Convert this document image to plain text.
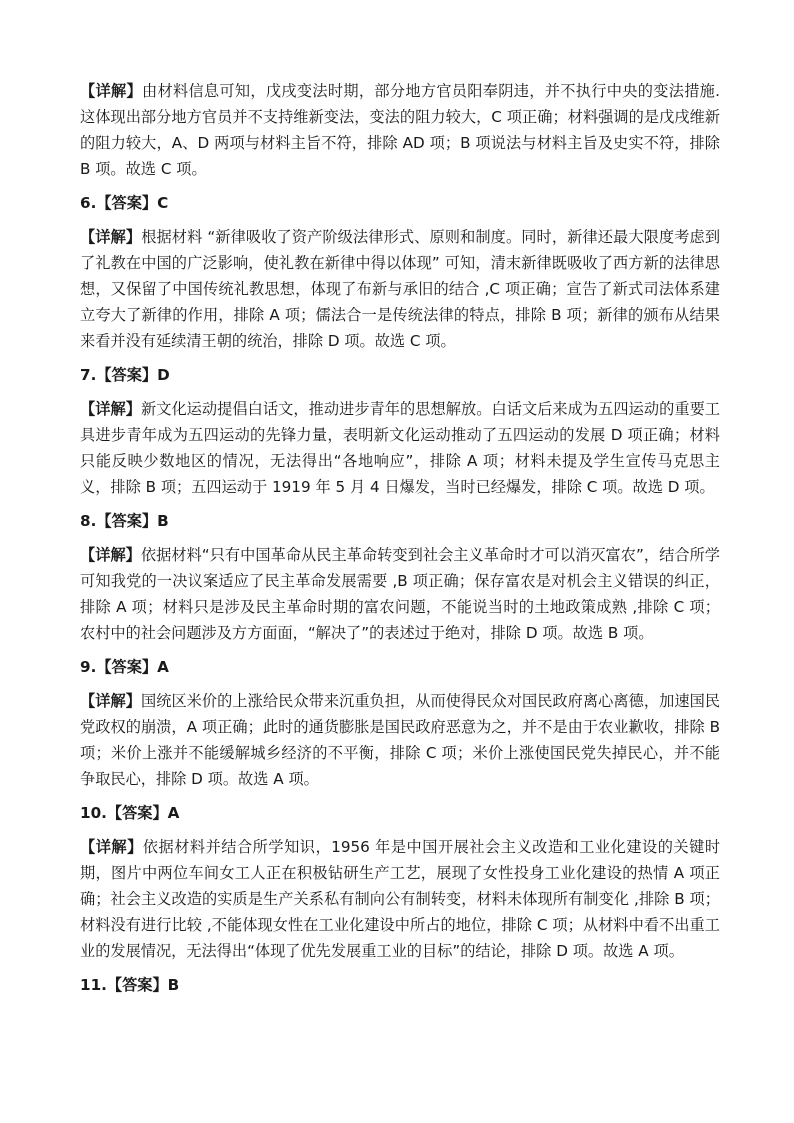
【详解】由材料信息可知，戊戌变法时期，部分地方官员阳奉阴违，并不执行中央的变法措施. 这体现出部分地方官员并不支持维新变法，变法的阻力较大，C 项正确；材料强调的是戊戌维新的阻力较大，A、D 两项与材料主旨不符，排除 AD 项；B 项说法与材料主旨及史实不符，排除 B 项。故选 C 项。

6.【答案】C

【详解】根据材料 “新律吸收了资产阶级法律形式、原则和制度。同时，新律还最大限度考虑到了礼教在中国的广泛影响，使礼教在新律中得以体现” 可知，清末新律既吸收了西方新的法律思想，又保留了中国传统礼教思想，体现了布新与承旧的结合 ,C 项正确；宣告了新式司法体系建立夸大了新律的作用，排除 A 项；儒法合一是传统法律的特点，排除 B 项；新律的颁布从结果来看并没有延续清王朝的统治，排除 D 项。故选 C 项。

7.【答案】D

【详解】新文化运动提倡白话文，推动进步青年的思想解放。白话文后来成为五四运动的重要工具进步青年成为五四运动的先锋力量，表明新文化运动推动了五四运动的发展 D 项正确；材料只能反映少数地区的情况，无法得出“各地响应”，排除 A 项；材料未提及学生宣传马克思主义，排除 B 项；五四运动于 1919 年 5 月 4 日爆发，当时已经爆发，排除 C 项。故选 D 项。

8.【答案】B

【详解】依据材料“只有中国革命从民主革命转变到社会主义革命时才可以消灭富农”，结合所学可知我党的一决议案适应了民主革命发展需要 ,B 项正确；保存富农是对机会主义错误的纠正，排除 A 项；材料只是涉及民主革命时期的富农问题，不能说当时的土地政策成熟 ,排除 C 项；农村中的社会问题涉及方方面面，“解决了”的表述过于绝对，排除 D 项。故选 B 项。

9.【答案】A

【详解】国统区米价的上涨给民众带来沉重负担，从而使得民众对国民政府离心离德，加速国民党政权的崩溃，A 项正确；此时的通货膨胀是国民政府恶意为之，并不是由于农业歉收，排除 B 项；米价上涨并不能缓解城乡经济的不平衡，排除 C 项；米价上涨使国民党失掉民心，并不能争取民心，排除 D 项。故选 A 项。

10.【答案】A

【详解】依据材料并结合所学知识，1956 年是中国开展社会主义改造和工业化建设的关键时期，图片中两位车间女工人正在积极钻研生产工艺，展现了女性投身工业化建设的热情 A 项正确；社会主义改造的实质是生产关系私有制向公有制转变，材料未体现所有制变化 ,排除 B 项；材料没有进行比较 ,不能体现女性在工业化建设中所占的地位，排除 C 项；从材料中看不出重工业的发展情况，无法得出“体现了优先发展重工业的目标”的结论，排除 D 项。故选 A 项。

11.【答案】B
